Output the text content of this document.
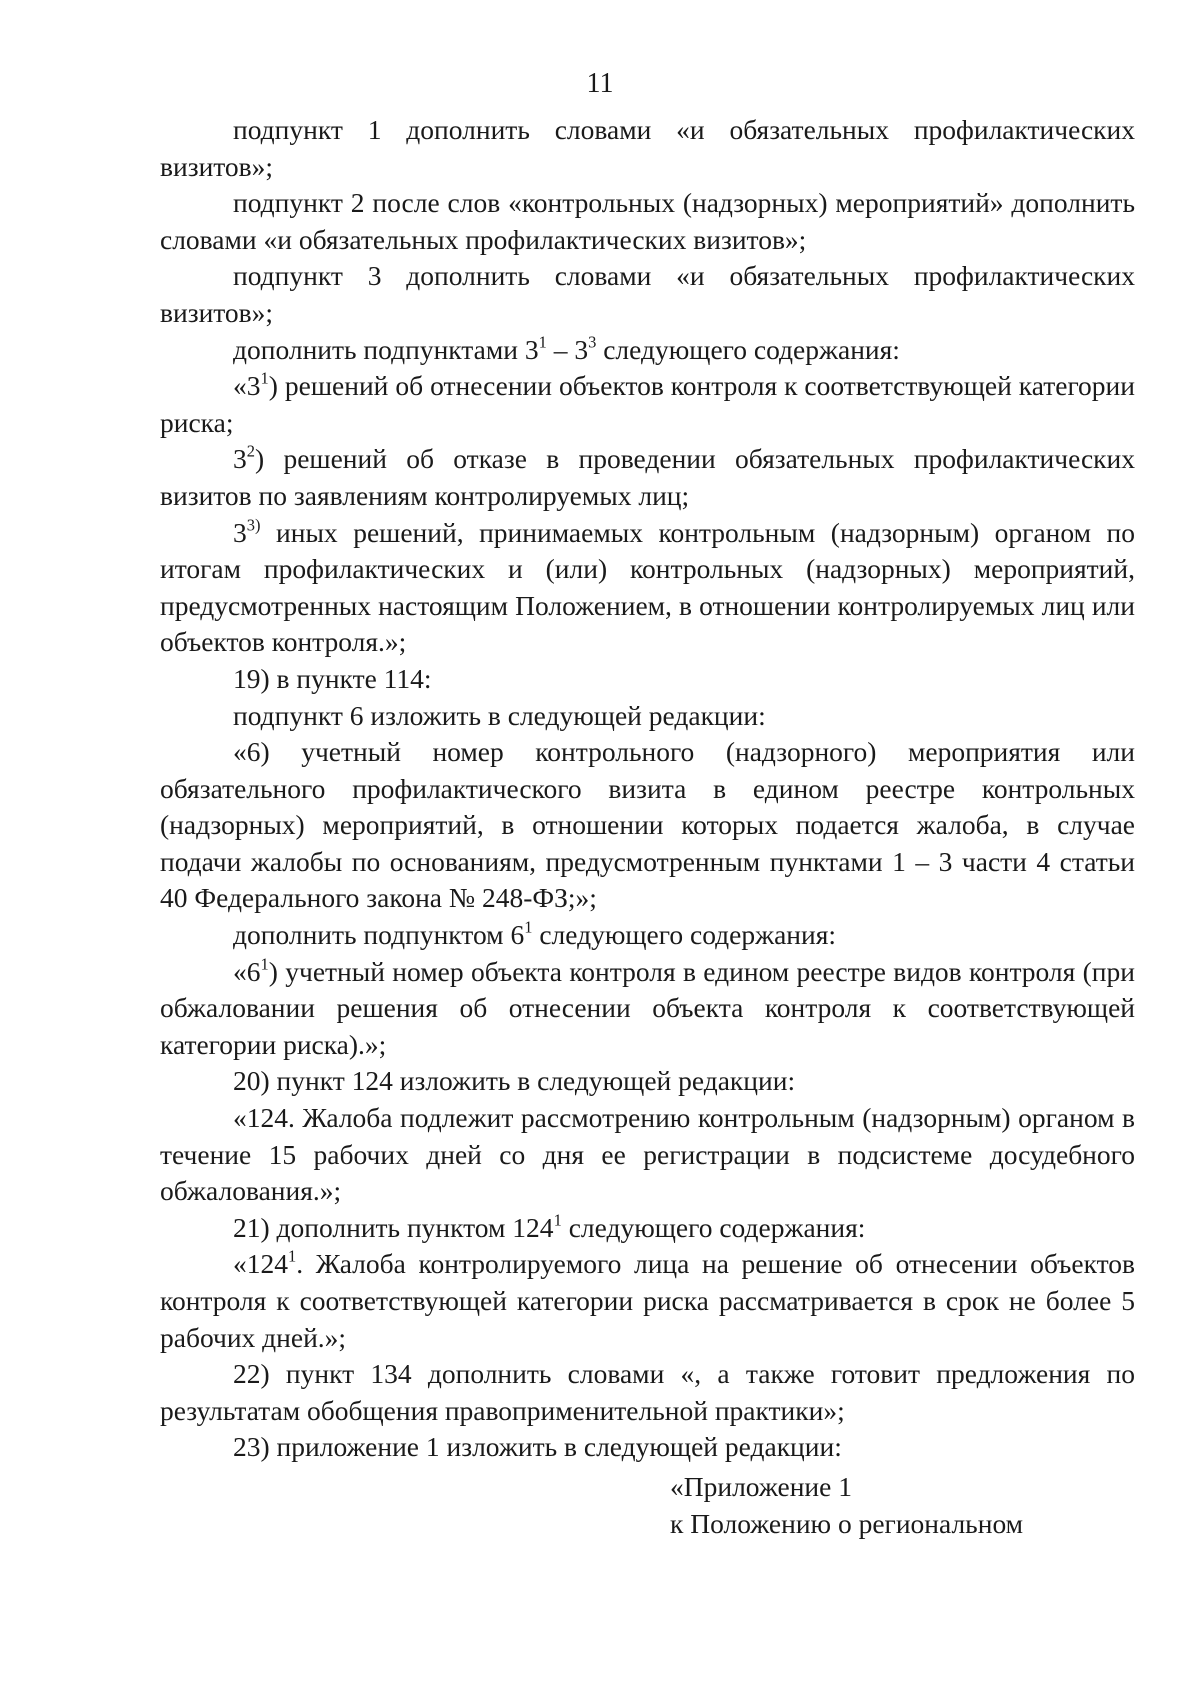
11

подпункт 1 дополнить словами «и обязательных профилактических визитов»;

подпункт 2 после слов «контрольных (надзорных) мероприятий» дополнить словами «и обязательных профилактических визитов»;

подпункт 3 дополнить словами «и обязательных профилактических визитов»;

дополнить подпунктами $3^1 - 3^3$ следующего содержания:

«$3^1$) решений об отнесении объектов контроля к соответствующей категории риска;

$3^2$) решений об отказе в проведении обязательных профилактических визитов по заявлениям контролируемых лиц;

3$^{3)}$ иных решений, принимаемых контрольным (надзорным) органом по итогам профилактических и (или) контрольных (надзорных) мероприятий, предусмотренных настоящим Положением, в отношении контролируемых лиц или объектов контроля.»;

19) в пункте 114:

подпункт 6 изложить в следующей редакции:

«6) учетный номер контрольного (надзорного) мероприятия или обязательного профилактического визита в едином реестре контрольных (надзорных) мероприятий, в отношении которых подается жалоба, в случае подачи жалобы по основаниям, предусмотренным пунктами 1 – 3 части 4 статьи 40 Федерального закона № 248-ФЗ;»;

дополнить подпунктом $6^1$ следующего содержания:

«$6^1$) учетный номер объекта контроля в едином реестре видов контроля (при обжаловании решения об отнесении объекта контроля к соответствующей категории риска).»;

20) пункт 124 изложить в следующей редакции:

«124. Жалоба подлежит рассмотрению контрольным (надзорным) органом в течение 15 рабочих дней со дня ее регистрации в подсистеме досудебного обжалования.»;

21) дополнить пунктом $124^1$ следующего содержания:

«$124^1$. Жалоба контролируемого лица на решение об отнесении объектов контроля к соответствующей категории риска рассматривается в срок не более 5 рабочих дней.»;

22) пункт 134 дополнить словами «, а также готовит предложения по результатам обобщения правоприменительной практики»;

23) приложение 1 изложить в следующей редакции:

«Приложение 1
к Положению о региональном
